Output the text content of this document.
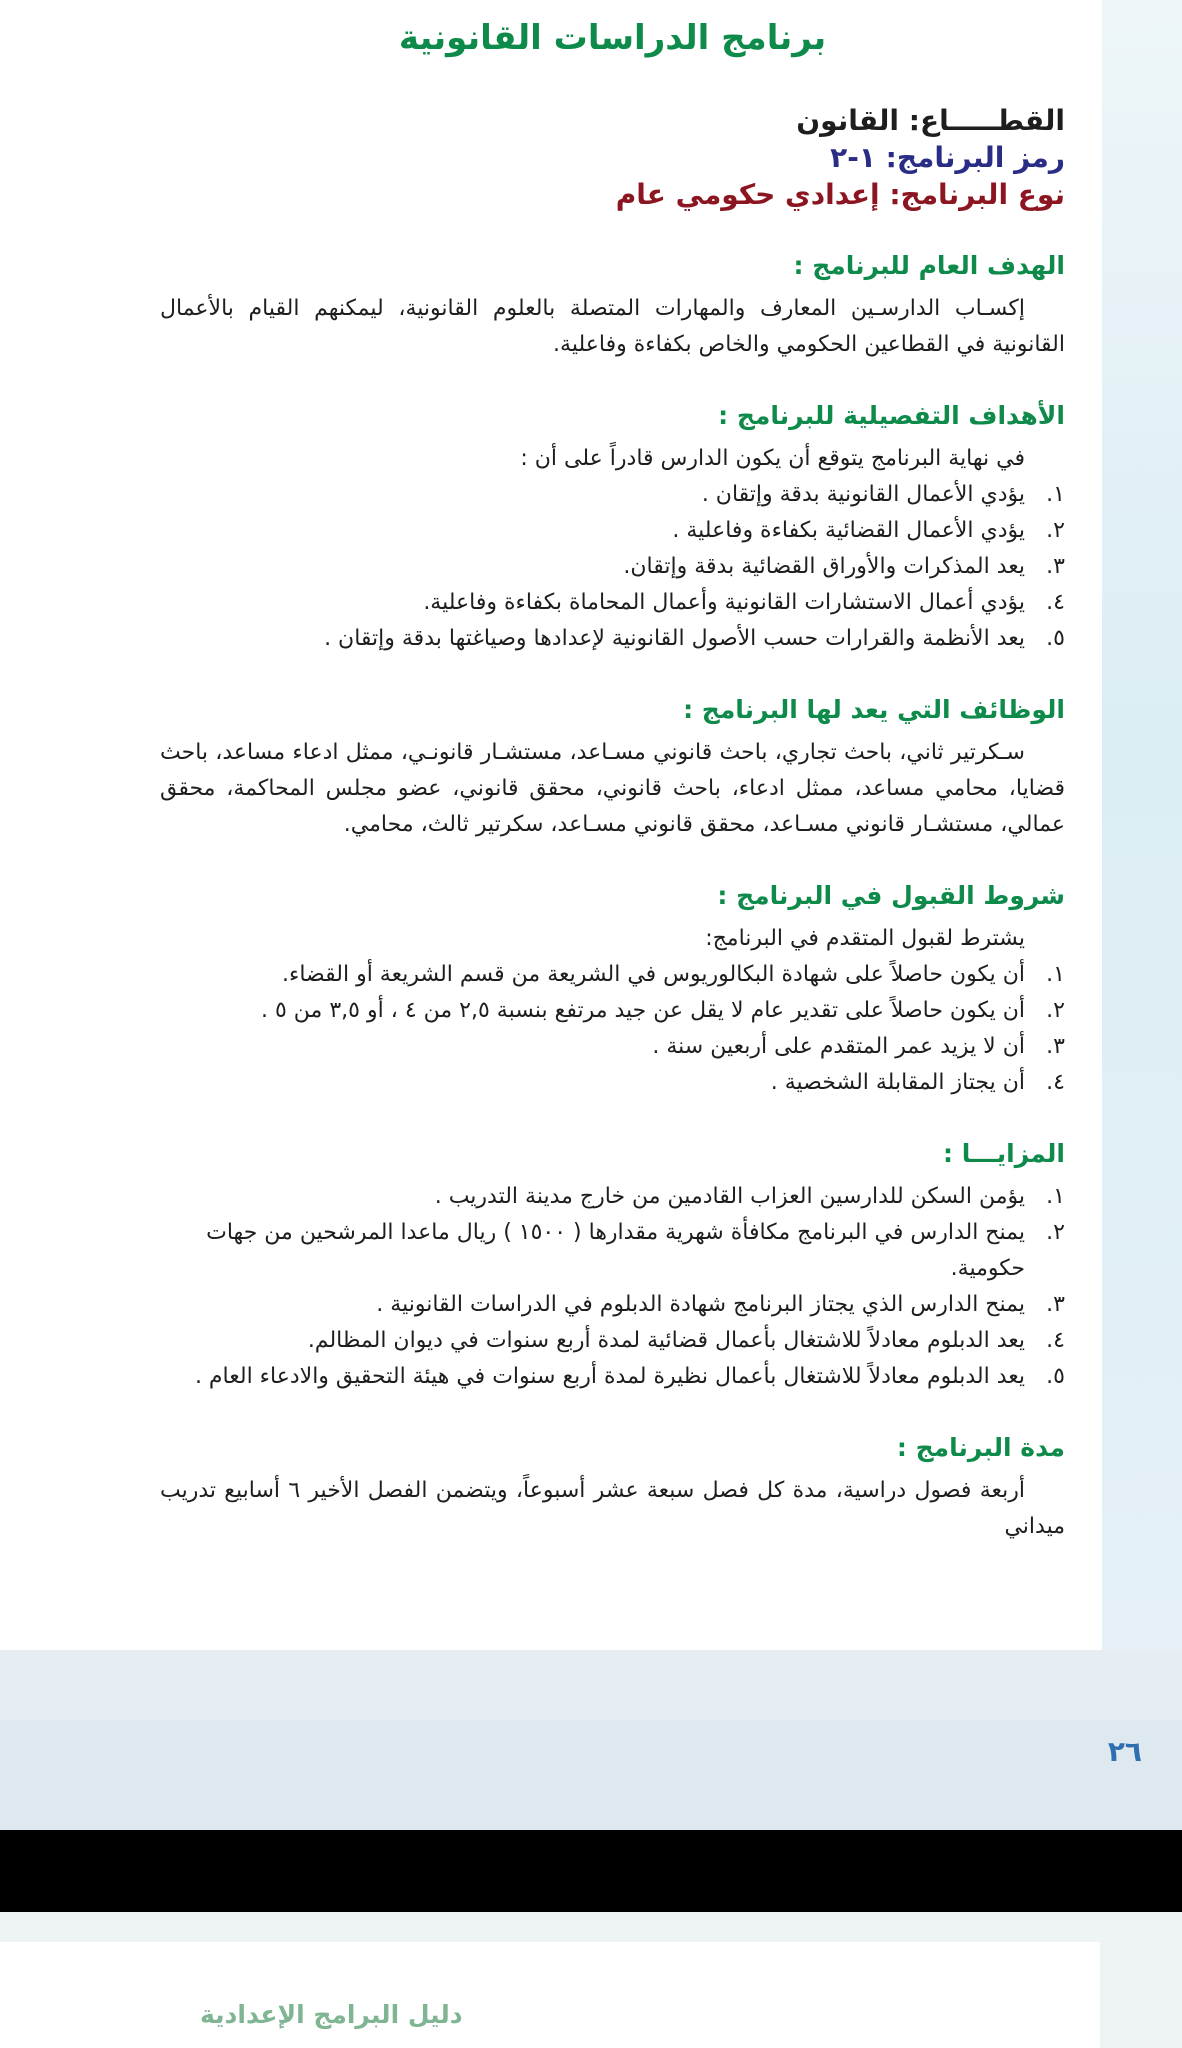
برنامج الدراسات القانونية
القطـــــاع: القانون
رمز البرنامج: ١-٢
نوع البرنامج: إعدادي حكومي عام
الهدف العام للبرنامج :

إكسـاب الدارسـين المعارف والمهارات المتصلة بالعلوم القانونية، ليمكنهم القيام بالأعمال القانونية في القطاعين الحكومي والخاص بكفاءة وفاعلية.

الأهداف التفصيلية للبرنامج :

في نهاية البرنامج يتوقع أن يكون الدارس قادراً على أن :

١.
يؤدي الأعمال القانونية بدقة وإتقان .
٢.
يؤدي الأعمال القضائية بكفاءة وفاعلية .
٣.
يعد المذكرات والأوراق القضائية بدقة وإتقان.
٤.
يؤدي أعمال الاستشارات القانونية وأعمال المحاماة بكفاءة وفاعلية.
٥.
يعد الأنظمة والقرارات حسب الأصول القانونية لإعدادها وصياغتها بدقة وإتقان .
الوظائف التي يعد لها البرنامج :

سـكرتير ثاني، باحث تجاري، باحث قانوني مسـاعد، مستشـار قانونـي، ممثل ادعاء مساعد، باحث قضايا، محامي مساعد، ممثل ادعاء، باحث قانوني، محقق قانوني، عضو مجلس المحاكمة، محقق عمالي، مستشـار قانوني مسـاعد، محقق قانوني مسـاعد، سكرتير ثالث، محامي.

شروط القبول في البرنامج :

يشترط لقبول المتقدم في البرنامج:

١.
أن يكون حاصلاً على شهادة البكالوريوس في الشريعة من قسم الشريعة أو القضاء.
٢.
أن يكون حاصلاً على تقدير عام لا يقل عن جيد مرتفع بنسبة ٢,٥ من ٤ ، أو ٣,٥ من ٥ .
٣.
أن لا يزيد عمر المتقدم على أربعين سنة .
٤.
أن يجتاز المقابلة الشخصية .
المزايـــا :
١.
يؤمن السكن للدارسين العزاب القادمين من خارج مدينة التدريب .
٢.
يمنح الدارس في البرنامج مكافأة شهرية مقدارها ( ١٥٠٠ ) ريال ماعدا المرشحين من جهات حكومية.
٣.
يمنح الدارس الذي يجتاز البرنامج شهادة الدبلوم في الدراسات القانونية .
٤.
يعد الدبلوم معادلاً للاشتغال بأعمال قضائية لمدة أربع سنوات في ديوان المظالم.
٥.
يعد الدبلوم معادلاً للاشتغال بأعمال نظيرة لمدة أربع سنوات في هيئة التحقيق والادعاء العام .
مدة البرنامج :

أربعة فصول دراسية، مدة كل فصل سبعة عشر أسبوعاً، ويتضمن الفصل الأخير ٦ أسابيع تدريب ميداني

٢٦
دليل البرامج الإعدادية
